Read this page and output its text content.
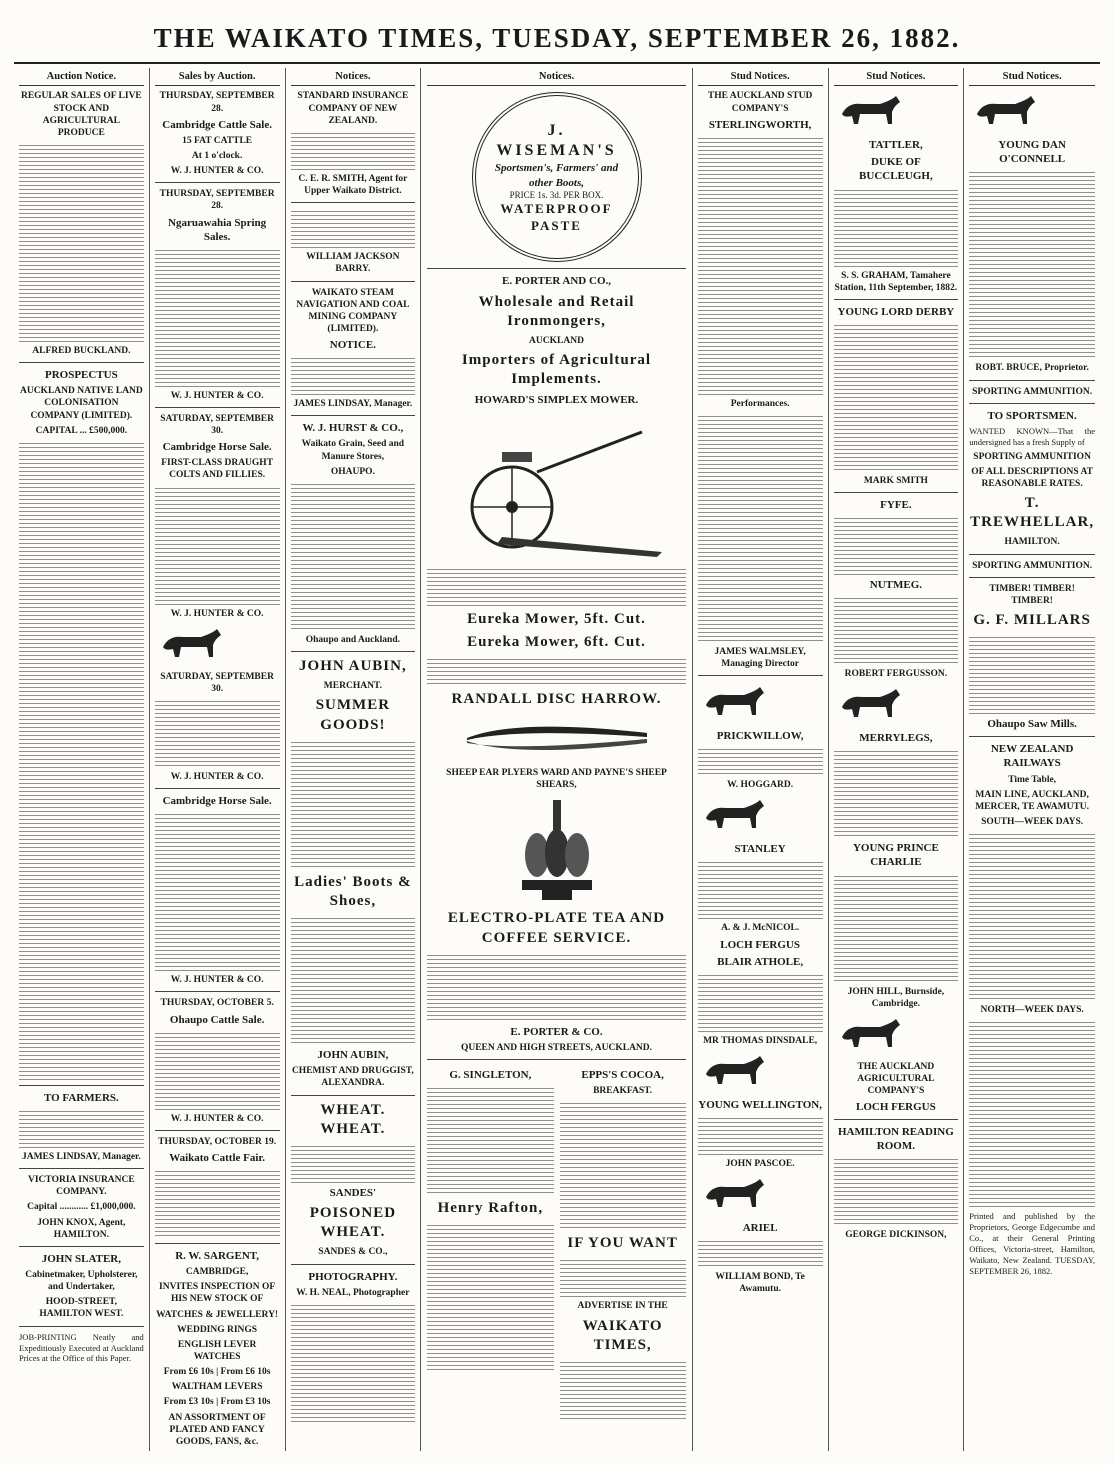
THE WAIKATO TIMES, TUESDAY, SEPTEMBER 26, 1882.
Auction Notice.
REGULAR SALES OF LIVE STOCK AND AGRICULTURAL PRODUCE
ALFRED BUCKLAND.
PROSPECTUS
AUCKLAND NATIVE LAND COLONISATION COMPANY (LIMITED).
CAPITAL ... £500,000.
TO FARMERS.
JAMES LINDSAY, Manager.
VICTORIA INSURANCE COMPANY.
Capital ............ £1,000,000.
JOHN KNOX, Agent, HAMILTON.
JOHN SLATER,
Cabinetmaker, Upholsterer, and Undertaker,
HOOD-STREET, HAMILTON WEST.
JOB-PRINTING Neatly and Expeditiously Executed at Auckland Prices at the Office of this Paper.
Sales by Auction.
THURSDAY, SEPTEMBER 28.
Cambridge Cattle Sale.
15 FAT CATTLE
At 1 o'clock.
W. J. HUNTER & CO.
THURSDAY, SEPTEMBER 28.
Ngaruawahia Spring Sales.
W. J. HUNTER & CO.
SATURDAY, SEPTEMBER 30.
Cambridge Horse Sale.
FIRST-CLASS DRAUGHT COLTS AND FILLIES.
W. J. HUNTER & CO.
SATURDAY, SEPTEMBER 30.
W. J. HUNTER & CO.
Cambridge Horse Sale.
W. J. HUNTER & CO.
THURSDAY, OCTOBER 5.
Ohaupo Cattle Sale.
W. J. HUNTER & CO.
THURSDAY, OCTOBER 19.
Waikato Cattle Fair.
R. W. SARGENT,
CAMBRIDGE,
INVITES INSPECTION OF HIS NEW STOCK OF
WATCHES & JEWELLERY!
WEDDING RINGS
ENGLISH LEVER WATCHES
From £6 10s | From £6 10s
WALTHAM LEVERS
From £3 10s | From £3 10s
AN ASSORTMENT OF PLATED AND FANCY GOODS, FANS, &c.
Notices.
STANDARD INSURANCE COMPANY OF NEW ZEALAND.
C. E. R. SMITH, Agent for Upper Waikato District.
WILLIAM JACKSON BARRY.
WAIKATO STEAM NAVIGATION AND COAL MINING COMPANY (LIMITED).
NOTICE.
JAMES LINDSAY, Manager.
W. J. HURST & CO.,
Waikato Grain, Seed and Manure Stores,
OHAUPO.
Ohaupo and Auckland.
JOHN AUBIN,
MERCHANT.
SUMMER GOODS!
Ladies' Boots & Shoes,
JOHN AUBIN,
CHEMIST AND DRUGGIST, ALEXANDRA.
WHEAT. WHEAT.
SANDES'
POISONED WHEAT.
SANDES & CO.,
PHOTOGRAPHY.
W. H. NEAL, Photographer
Notices.
J. WISEMAN'S
Sportsmen's, Farmers' and other Boots,
PRICE 1s. 3d. PER BOX.
WATERPROOF PASTE
E. PORTER AND CO.,
Wholesale and Retail Ironmongers,
AUCKLAND
Importers of Agricultural Implements.
HOWARD'S SIMPLEX MOWER.
Eureka Mower, 5ft. Cut.
Eureka Mower, 6ft. Cut.
RANDALL DISC HARROW.
SHEEP EAR PLYERS WARD AND PAYNE'S SHEEP SHEARS,
ELECTRO-PLATE TEA AND COFFEE SERVICE.
E. PORTER & CO.
QUEEN AND HIGH STREETS, AUCKLAND.
G. SINGLETON,
Henry Rafton,
EPPS'S COCOA,
BREAKFAST.
IF YOU WANT
ADVERTISE IN THE
WAIKATO TIMES,
Stud Notices.
THE AUCKLAND STUD COMPANY'S
STERLINGWORTH,
Performances.
JAMES WALMSLEY, Managing Director
PRICKWILLOW,
W. HOGGARD.
STANLEY
A. & J. McNICOL.
LOCH FERGUS
BLAIR ATHOLE,
MR THOMAS DINSDALE,
YOUNG WELLINGTON,
JOHN PASCOE.
ARIEL
WILLIAM BOND, Te Awamutu.
Stud Notices.
TATTLER,
DUKE OF BUCCLEUGH,
S. S. GRAHAM, Tamahere Station, 11th September, 1882.
YOUNG LORD DERBY
MARK SMITH
FYFE.
NUTMEG.
ROBERT FERGUSSON.
MERRYLEGS,
YOUNG PRINCE CHARLIE
JOHN HILL, Burnside, Cambridge.
THE AUCKLAND AGRICULTURAL COMPANY'S
LOCH FERGUS
HAMILTON READING ROOM.
GEORGE DICKINSON,
Stud Notices.
YOUNG DAN O'CONNELL
ROBT. BRUCE, Proprietor.
SPORTING AMMUNITION.
TO SPORTSMEN.
WANTED KNOWN—That the undersigned has a fresh Supply of
SPORTING AMMUNITION
OF ALL DESCRIPTIONS AT REASONABLE RATES.
T. TREWHELLAR,
HAMILTON.
SPORTING AMMUNITION.
TIMBER! TIMBER! TIMBER!
G. F. MILLARS
Ohaupo Saw Mills.
NEW ZEALAND RAILWAYS
Time Table,
MAIN LINE, AUCKLAND, MERCER, TE AWAMUTU.
SOUTH—WEEK DAYS.
NORTH—WEEK DAYS.
Printed and published by the Proprietors, George Edgecumbe and Co., at their General Printing Offices, Victoria-street, Hamilton, Waikato, New Zealand. TUESDAY, SEPTEMBER 26, 1882.
